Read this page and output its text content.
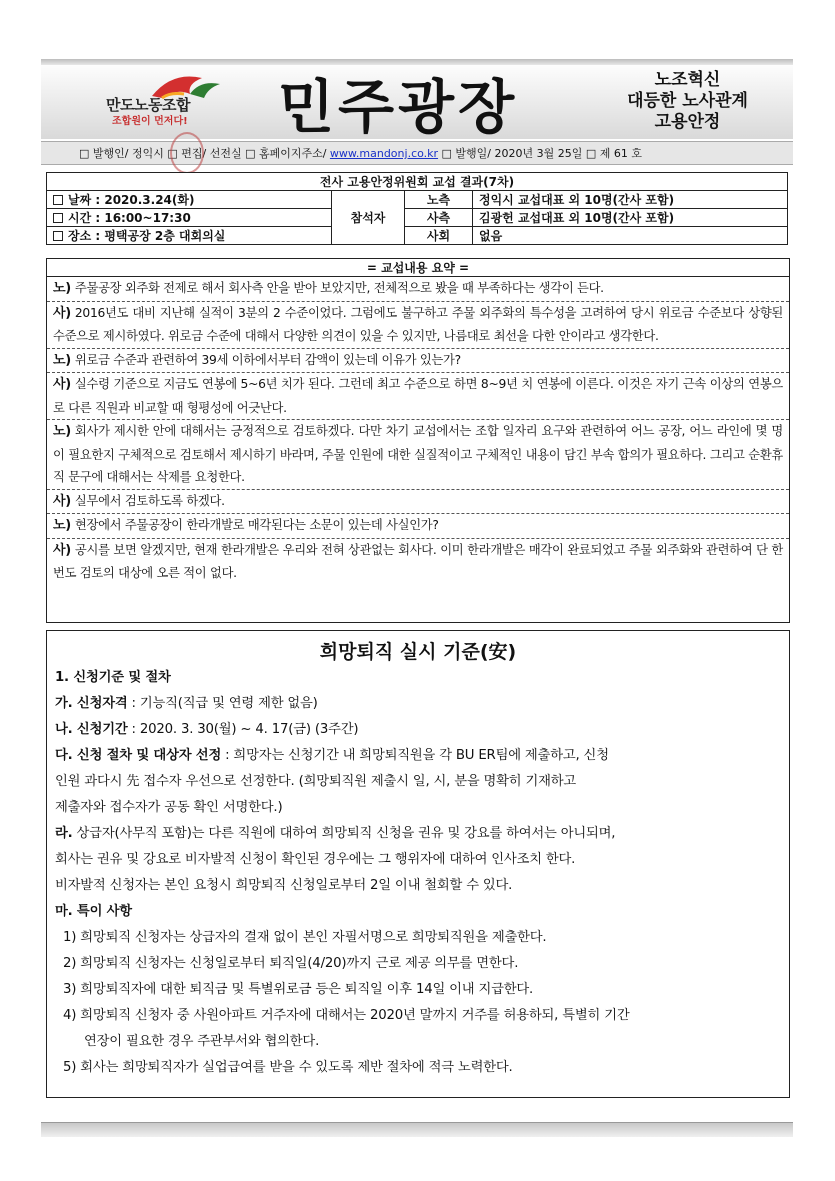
만도노동조합
조합원이 먼저다! 민주광장	노조혁신
대등한 노사관계
고용안정
□ 발행인/ 정익시 □ 편집/ 선전실 □ 홈페이지주소/ www.mandonj.co.kr □ 발행일/ 2020년 3월 25일 □ 제 61 호
전사 고용안정위원회 교섭 결과(7차)			
날짜 : 2020.3.24(화)	참석자	노측	정익시 교섭대표 외 10명(간사 포함)
시간 : 16:00~17:30		사측	김광헌 교섭대표 외 10명(간사 포함)
장소 : 평택공장 2층 대회의실		사회	없음
= 교섭내용 요약 =
노) 주물공장 외주화 전제로 해서 회사측 안을 받아 보았지만, 전체적으로 봤을 때 부족하다는 생각이 든다.
사) 2016년도 대비 지난해 실적이 3분의 2 수준이었다. 그럼에도 불구하고 주물 외주화의 특수성을 고려하여 당시 위로금 수준보다 상향된 수준으로 제시하였다. 위로금 수준에 대해서 다양한 의견이 있을 수 있지만, 나름대로 최선을 다한 안이라고 생각한다.
노) 위로금 수준과 관련하여 39세 이하에서부터 감액이 있는데 이유가 있는가?
사) 실수령 기준으로 지금도 연봉에 5~6년 치가 된다. 그런데 최고 수준으로 하면 8~9년 치 연봉에 이른다. 이것은 자기 근속 이상의 연봉으로 다른 직원과 비교할 때 형평성에 어긋난다.
노) 회사가 제시한 안에 대해서는 긍정적으로 검토하겠다. 다만 차기 교섭에서는 조합 일자리 요구와 관련하여 어느 공장, 어느 라인에 몇 명이 필요한지 구체적으로 검토해서 제시하기 바라며, 주물 인원에 대한 실질적이고 구체적인 내용이 담긴 부속 합의가 필요하다. 그리고 순환휴직 문구에 대해서는 삭제를 요청한다.
사) 실무에서 검토하도록 하겠다.
노) 현장에서 주물공장이 한라개발로 매각된다는 소문이 있는데 사실인가?
사) 공시를 보면 알겠지만, 현재 한라개발은 우리와 전혀 상관없는 회사다. 이미 한라개발은 매각이 완료되었고 주물 외주화와 관련하여 단 한 번도 검토의 대상에 오른 적이 없다.
희망퇴직 실시 기준(安)
1. 신청기준 및 절차
가. 신청자격 : 기능직(직급 및 연령 제한 없음)
나. 신청기간 : 2020. 3. 30(월) ~ 4. 17(금) (3주간)
다. 신청 절차 및 대상자 선정 : 희망자는 신청기간 내 희망퇴직원을 각 BU ER팀에 제출하고, 신청
인원 과다시 先 접수자 우선으로 선정한다. (희망퇴직원 제출시 일, 시, 분을 명확히 기재하고
제출자와 접수자가 공동 확인 서명한다.)
라. 상급자(사무직 포함)는 다른 직원에 대하여 희망퇴직 신청을 권유 및 강요를 하여서는 아니되며,
회사는 권유 및 강요로 비자발적 신청이 확인된 경우에는 그 행위자에 대하여 인사조치 한다.
비자발적 신청자는 본인 요청시 희망퇴직 신청일로부터 2일 이내 철회할 수 있다.
마. 특이 사항
1) 희망퇴직 신청자는 상급자의 결재 없이 본인 자필서명으로 희망퇴직원을 제출한다.
2) 희망퇴직 신청자는 신청일로부터 퇴직일(4/20)까지 근로 제공 의무를 면한다.
3) 희망퇴직자에 대한 퇴직금 및 특별위로금 등은 퇴직일 이후 14일 이내 지급한다.
4) 희망퇴직 신청자 중 사원아파트 거주자에 대해서는 2020년 말까지 거주를 허용하되, 특별히 기간
연장이 필요한 경우 주관부서와 협의한다.
5) 회사는 희망퇴직자가 실업급여를 받을 수 있도록 제반 절차에 적극 노력한다.
